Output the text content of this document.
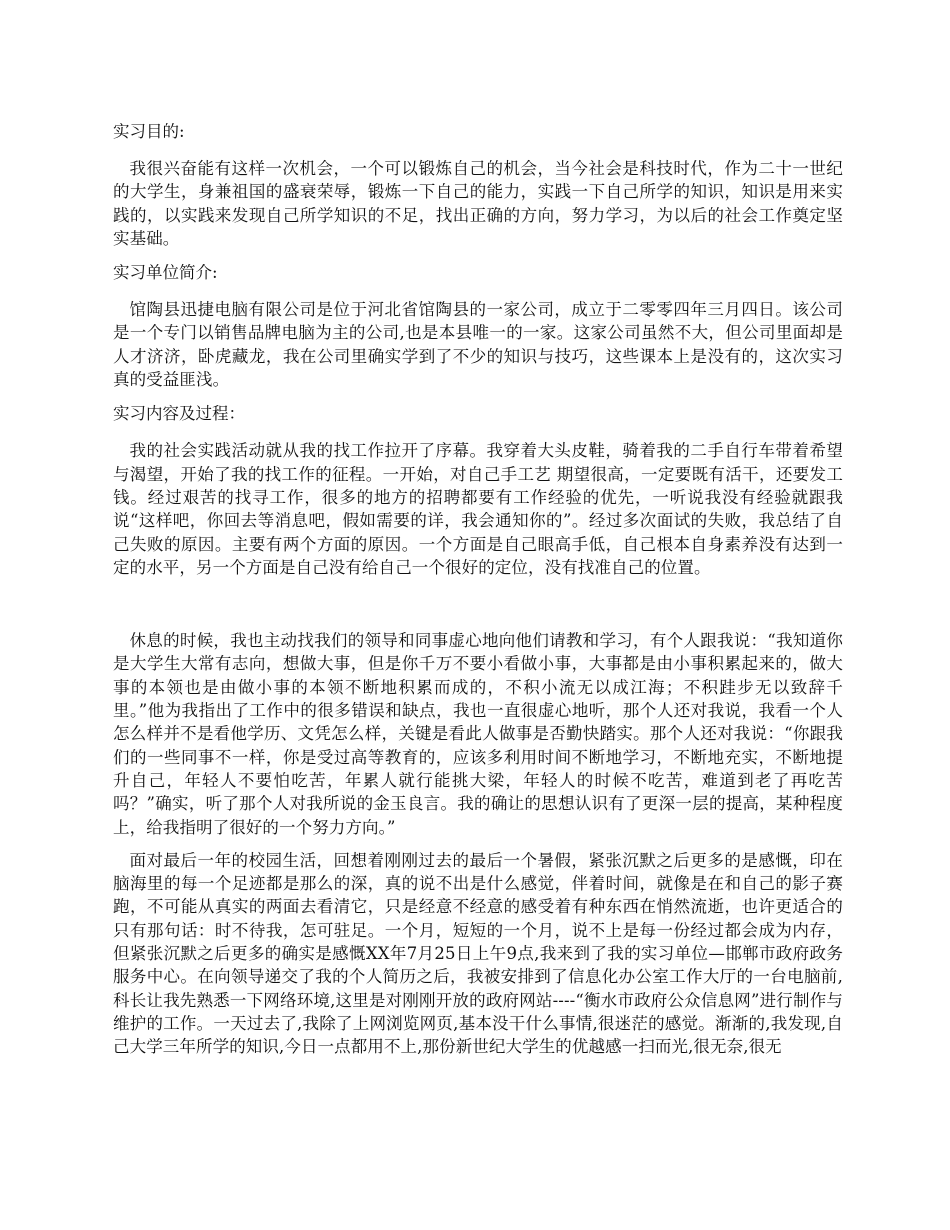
实习目的:

我很兴奋能有这样一次机会，一个可以锻炼自己的机会，当今社会是科技时代，作为二十一世纪的大学生，身兼祖国的盛衰荣辱，锻炼一下自己的能力，实践一下自己所学的知识，知识是用来实践的，以实践来发现自己所学知识的不足，找出正确的方向，努力学习，为以后的社会工作奠定坚实基础。

实习单位简介:

馆陶县迅捷电脑有限公司是位于河北省馆陶县的一家公司，成立于二零零四年三月四日。该公司是一个专门以销售品牌电脑为主的公司,也是本县唯一的一家。这家公司虽然不大，但公司里面却是人才济济，卧虎藏龙，我在公司里确实学到了不少的知识与技巧，这些课本上是没有的，这次实习真的受益匪浅。

实习内容及过程：

我的社会实践活动就从我的找工作拉开了序幕。我穿着大头皮鞋，骑着我的二手自行车带着希望与渴望，开始了我的找工作的征程。一开始，对自己手工艺 期望很高，一定要既有活干，还要发工钱。经过艰苦的找寻工作，很多的地方的招聘都要有工作经验的优先，一听说我没有经验就跟我说“这样吧，你回去等消息吧，假如需要的详，我会通知你的”。经过多次面试的失败，我总结了自己失败的原因。主要有两个方面的原因。一个方面是自己眼高手低，自己根本自身素养没有达到一定的水平，另一个方面是自己没有给自己一个很好的定位，没有找准自己的位置。

休息的时候，我也主动找我们的领导和同事虚心地向他们请教和学习，有个人跟我说：“我知道你是大学生大常有志向，想做大事，但是你千万不要小看做小事，大事都是由小事积累起来的，做大事的本领也是由做小事的本领不断地积累而成的，不积小流无以成江海；不积跬步无以致辞千里。”他为我指出了工作中的很多错误和缺点，我也一直很虚心地听，那个人还对我说，我看一个人怎么样并不是看他学历、文凭怎么样，关键是看此人做事是否勤快踏实。那个人还对我说：“你跟我们的一些同事不一样，你是受过高等教育的，应该多利用时间不断地学习，不断地充实，不断地提升自己，年轻人不要怕吃苦，年累人就行能挑大梁，年轻人的时候不吃苦，难道到老了再吃苦吗？”确实，听了那个人对我所说的金玉良言。我的确让的思想认识有了更深一层的提高，某种程度上，给我指明了很好的一个努力方向。”

面对最后一年的校园生活，回想着刚刚过去的最后一个暑假，紧张沉默之后更多的是感慨，印在脑海里的每一个足迹都是那么的深，真的说不出是什么感觉，伴着时间，就像是在和自己的影子赛跑，不可能从真实的两面去看清它，只是经意不经意的感受着有种东西在悄然流逝，也许更适合的只有那句话：时不待我，怎可驻足。一个月，短短的一个月，说不上是每一份经过都会成为内存，但紧张沉默之后更多的确实是感慨XX年7月25日上午9点,我来到了我的实习单位—邯郸市政府政务服务中心。在向领导递交了我的个人简历之后，我被安排到了信息化办公室工作大厅的一台电脑前,科长让我先熟悉一下网络环境,这里是对刚刚开放的政府网站----“衡水市政府公众信息网”进行制作与维护的工作。一天过去了,我除了上网浏览网页,基本没干什么事情,很迷茫的感觉。渐渐的,我发现,自己大学三年所学的知识,今日一点都用不上,那份新世纪大学生的优越感一扫而光,很无奈,很无
